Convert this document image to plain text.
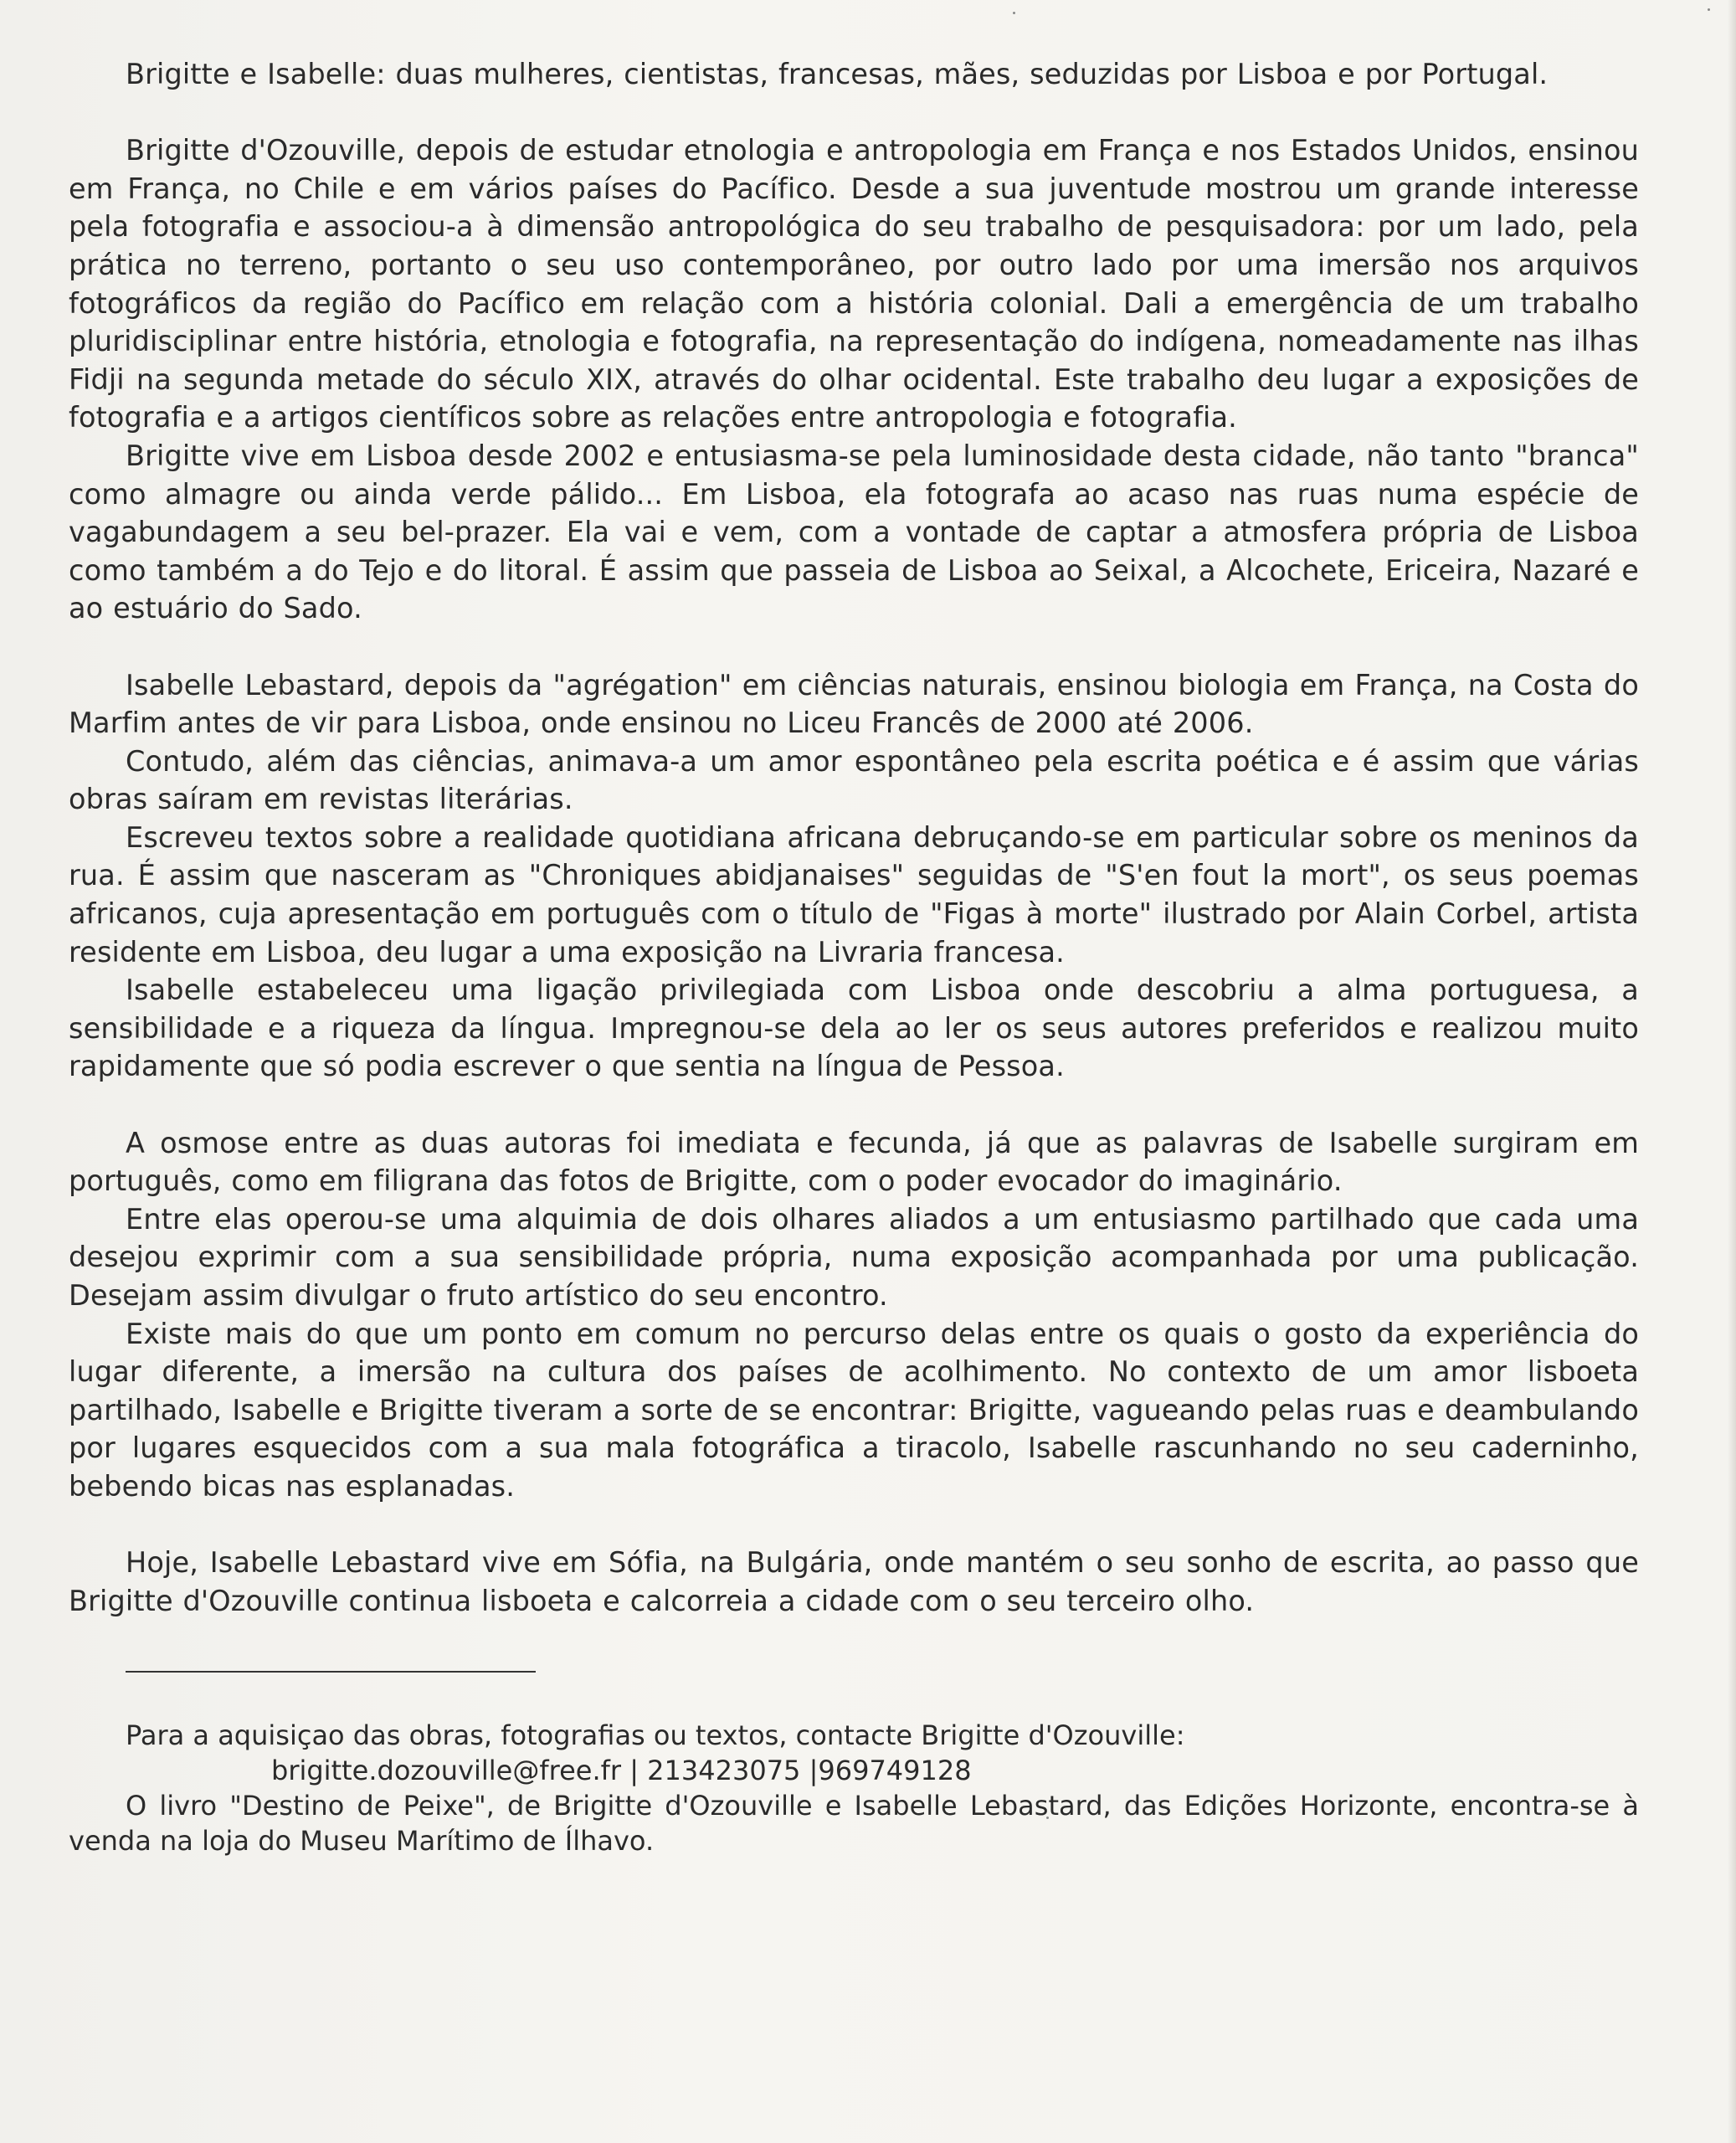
Brigitte e Isabelle: duas mulheres, cientistas, francesas, mães, seduzidas por Lisboa e por Portugal.

Brigitte d'Ozouville, depois de estudar etnologia e antropologia em França e nos Estados Unidos, ensinou em França, no Chile e em vários países do Pacífico. Desde a sua juventude mostrou um grande interesse pela fotografia e associou-a à dimensão antropológica do seu trabalho de pesquisadora: por um lado, pela prática no terreno, portanto o seu uso contemporâneo, por outro lado por uma imersão nos arquivos fotográficos da região do Pacífico em relação com a história colonial. Dali a emergência de um trabalho pluridisciplinar entre história, etnologia e fotografia, na representação do indígena, nomeadamente nas ilhas Fidji na segunda metade do século XIX, através do olhar ocidental. Este trabalho deu lugar a exposições de fotografia e a artigos científicos sobre as relações entre antropologia e fotografia.

Brigitte vive em Lisboa desde 2002 e entusiasma-se pela luminosidade desta cidade, não tanto "branca" como almagre ou ainda verde pálido... Em Lisboa, ela fotografa ao acaso nas ruas numa espécie de vagabundagem a seu bel-prazer. Ela vai e vem, com a vontade de captar a atmosfera própria de Lisboa como também a do Tejo e do litoral. É assim que passeia de Lisboa ao Seixal, a Alcochete, Ericeira, Nazaré e ao estuário do Sado.

Isabelle Lebastard, depois da "agrégation" em ciências naturais, ensinou biologia em França, na Costa do Marfim antes de vir para Lisboa, onde ensinou no Liceu Francês de 2000 até 2006.

Contudo, além das ciências, animava-a um amor espontâneo pela escrita poética e é assim que várias obras saíram em revistas literárias.

Escreveu textos sobre a realidade quotidiana africana debruçando-se em particular sobre os meninos da rua. É assim que nasceram as "Chroniques abidjanaises" seguidas de "S'en fout la mort", os seus poemas africanos, cuja apresentação em português com o título de "Figas à morte" ilustrado por Alain Corbel, artista residente em Lisboa, deu lugar a uma exposição na Livraria francesa.

Isabelle estabeleceu uma ligação privilegiada com Lisboa onde descobriu a alma portuguesa, a sensibilidade e a riqueza da língua. Impregnou-se dela ao ler os seus autores preferidos e realizou muito rapidamente que só podia escrever o que sentia na língua de Pessoa.

A osmose entre as duas autoras foi imediata e fecunda, já que as palavras de Isabelle surgiram em português, como em filigrana das fotos de Brigitte, com o poder evocador do imaginário.

Entre elas operou-se uma alquimia de dois olhares aliados a um entusiasmo partilhado que cada uma desejou exprimir com a sua sensibilidade própria, numa exposição acompanhada por uma publicação. Desejam assim divulgar o fruto artístico do seu encontro.

Existe mais do que um ponto em comum no percurso delas entre os quais o gosto da experiência do lugar diferente, a imersão na cultura dos países de acolhimento. No contexto de um amor lisboeta partilhado, Isabelle e Brigitte tiveram a sorte de se encontrar: Brigitte, vagueando pelas ruas e deambulando por lugares esquecidos com a sua mala fotográfica a tiracolo, Isabelle rascunhando no seu caderninho, bebendo bicas nas esplanadas.

Hoje, Isabelle Lebastard vive em Sófia, na Bulgária, onde mantém o seu sonho de escrita, ao passo que Brigitte d'Ozouville continua lisboeta e calcorreia a cidade com o seu terceiro olho.

Para a aquisiçao das obras, fotografias ou textos, contacte Brigitte d'Ozouville:
brigitte.dozouville@free.fr | 213423075 |969749128
O livro "Destino de Peixe", de Brigitte d'Ozouville e Isabelle Lebastard, das Edições Horizonte, encontra-se à venda na loja do Museu Marítimo de Ílhavo.
